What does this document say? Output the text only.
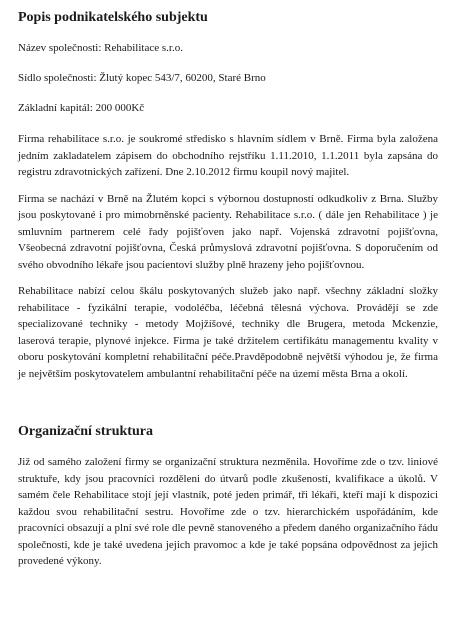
Popis podnikatelského subjektu
Název společnosti: Rehabilitace s.r.o.
Sídlo společnosti: Žlutý kopec 543/7, 60200, Staré Brno
Základní kapitál: 200 000Kč

Firma rehabilitace s.r.o. je soukromé středisko s hlavním sídlem v Brně. Firma byla založena jedním zakladatelem zápisem do obchodního rejstříku 1.11.2010, 1.1.2011 byla zapsána do registru zdravotnických zařízení. Dne 2.10.2012 firmu koupil nový majitel.

Firma se nachází v Brně na Žlutém kopci s výbornou dostupností odkudkoliv z Brna. Služby jsou poskytované i pro mimobrněnské pacienty. Rehabilitace s.r.o. ( dále jen Rehabilitace ) je smluvním partnerem celé řady pojišťoven jako např. Vojenská zdravotní pojišťovna, Všeobecná zdravotní pojišťovna, Česká průmyslová zdravotní pojišťovna. S doporučením od svého obvodního lékaře jsou pacientovi služby plně hrazeny jeho pojišťovnou.

Rehabilitace nabízí celou škálu poskytovaných služeb jako např. všechny základní složky rehabilitace - fyzikální terapie, vodoléčba, léčebná tělesná výchova. Provádějí se zde specializované techniky - metody Mojžíšové, techniky dle Brugera, metoda Mckenzie, laserová terapie, plynové injekce. Firma je také držitelem certifikátu managementu kvality v oboru poskytování kompletní rehabilitační péče.Pravděpodobně největší výhodou je, že firma je největším poskytovatelem ambulantní rehabilitační péče na území města Brna a okolí.

Organizační struktura

Již od samého založení firmy se organizační struktura nezměnila. Hovoříme zde o tzv. liniové struktuře, kdy jsou pracovníci rozděleni do útvarů podle zkušeností, kvalifikace a úkolů. V samém čele Rehabilitace stojí její vlastník, poté jeden primář, tři lékaři, kteří mají k dispozici každou svou rehabilitační sestru. Hovoříme zde o tzv. hierarchickém uspořádáním, kde pracovníci obsazují a plní své role dle pevně stanoveného a předem daného organizačního řádu společnosti, kde je také uvedena jejich pravomoc a kde je také popsána odpovědnost za jejich provedené výkony.
